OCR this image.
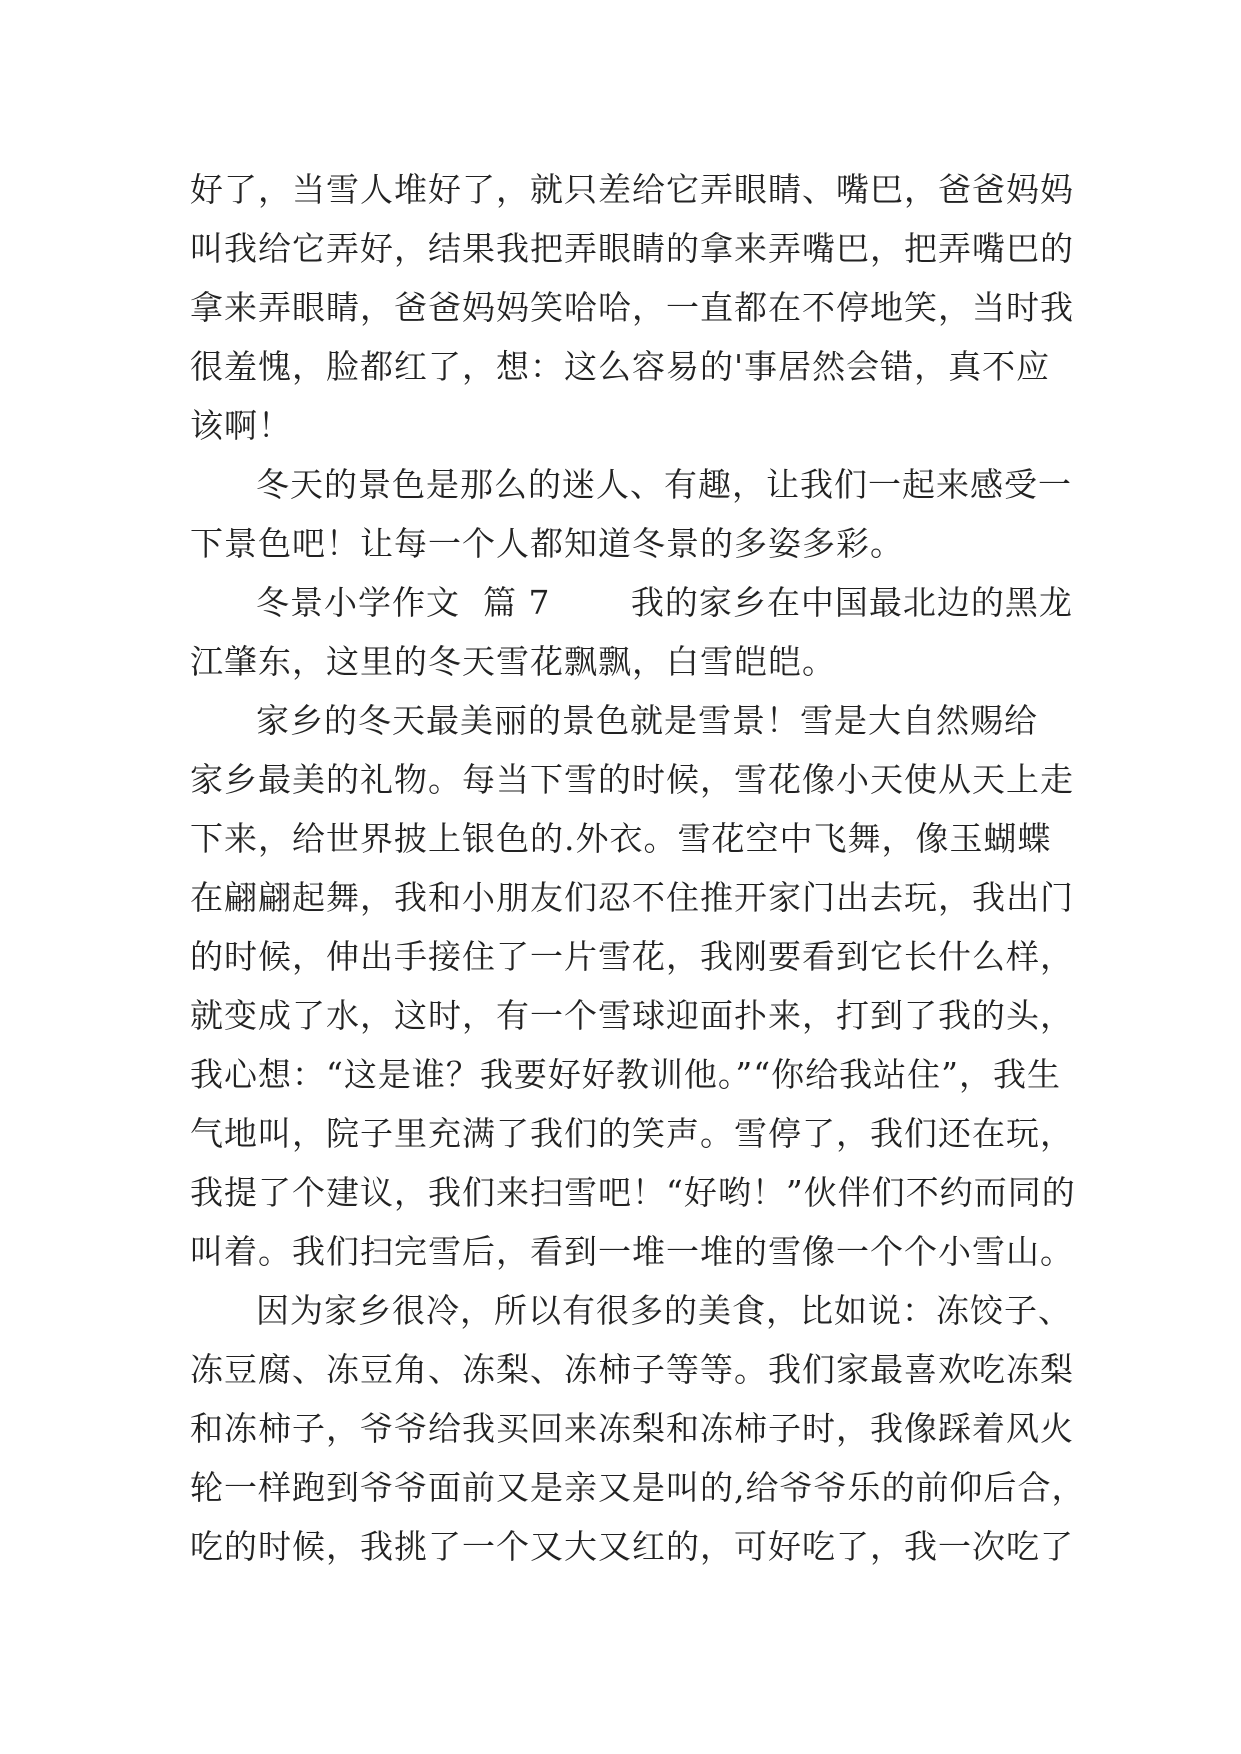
好了，当雪人堆好了，就只差给它弄眼睛、嘴巴，爸爸妈妈
叫我给它弄好，结果我把弄眼睛的拿来弄嘴巴，把弄嘴巴的
拿来弄眼睛，爸爸妈妈笑哈哈，一直都在不停地笑，当时我
很羞愧，脸都红了，想：这么容易的'事居然会错，真不应
该啊！
冬天的景色是那么的迷人、有趣，让我们一起来感受一
下景色吧！让每一个人都知道冬景的多姿多彩。
冬景小学作文  篇 7       我的家乡在中国最北边的黑龙
江肇东，这里的冬天雪花飘飘，白雪皑皑。
家乡的冬天最美丽的景色就是雪景！雪是大自然赐给
家乡最美的礼物。每当下雪的时候，雪花像小天使从天上走
下来，给世界披上银色的.外衣。雪花空中飞舞，像玉蝴蝶
在翩翩起舞，我和小朋友们忍不住推开家门出去玩，我出门
的时候，伸出手接住了一片雪花，我刚要看到它长什么样，
就变成了水，这时，有一个雪球迎面扑来，打到了我的头，
我心想：“这是谁？我要好好教训他。”“你给我站住”，我生
气地叫，院子里充满了我们的笑声。雪停了，我们还在玩，
我提了个建议，我们来扫雪吧！“好哟！”伙伴们不约而同的
叫着。我们扫完雪后，看到一堆一堆的雪像一个个小雪山。
因为家乡很冷，所以有很多的美食，比如说：冻饺子、
冻豆腐、冻豆角、冻梨、冻柿子等等。我们家最喜欢吃冻梨
和冻柿子，爷爷给我买回来冻梨和冻柿子时，我像踩着风火
轮一样跑到爷爷面前又是亲又是叫的,给爷爷乐的前仰后合，
吃的时候，我挑了一个又大又红的，可好吃了，我一次吃了
